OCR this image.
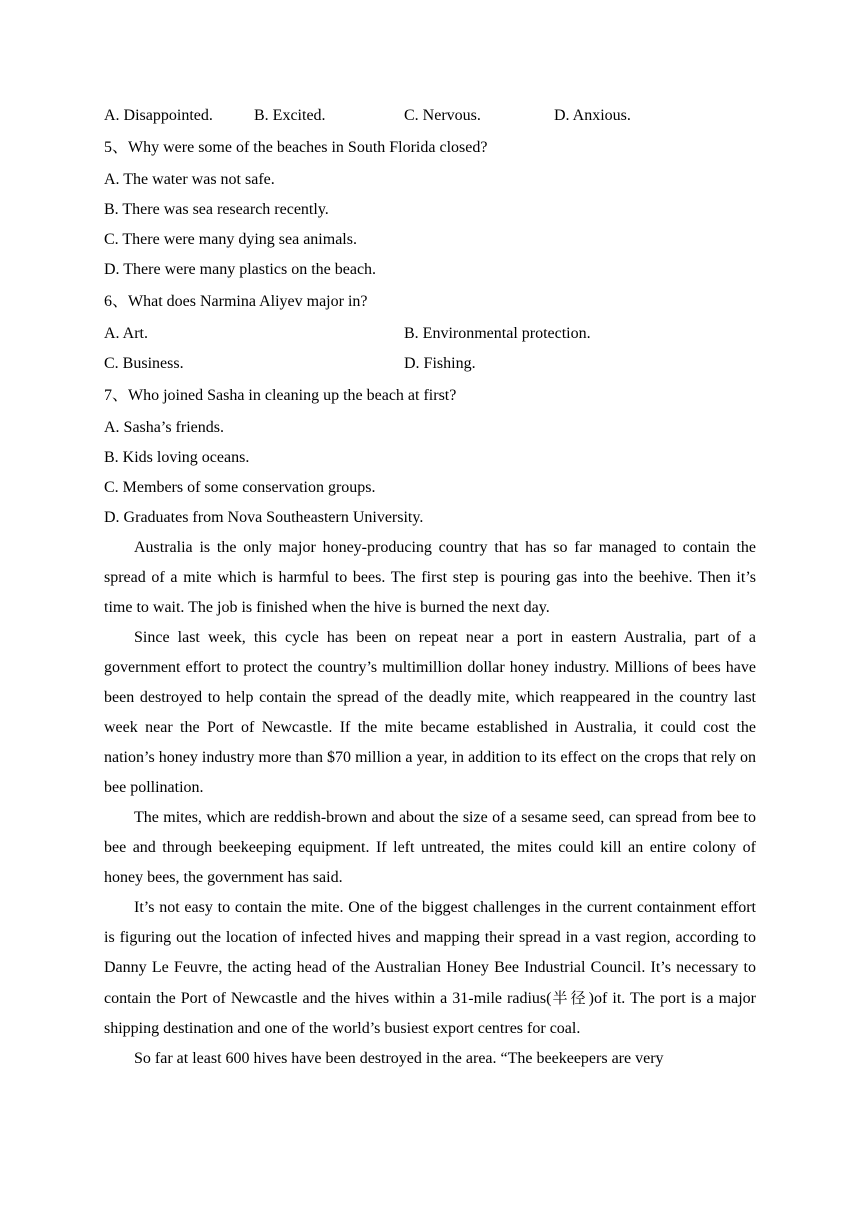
A. Disappointed.	B. Excited.	C. Nervous.	D. Anxious.

5、Why were some of the beaches in South Florida closed?

A. The water was not safe.

B. There was sea research recently.

C. There were many dying sea animals.

D. There were many plastics on the beach.

6、What does Narmina Aliyev major in?

A. Art.	B. Environmental protection.
C. Business.	D. Fishing.

7、Who joined Sasha in cleaning up the beach at first?

A. Sasha’s friends.

B. Kids loving oceans.

C. Members of some conservation groups.

D. Graduates from Nova Southeastern University.

Australia is the only major honey-producing country that has so far managed to contain the spread of a mite which is harmful to bees. The first step is pouring gas into the beehive. Then it’s time to wait. The job is finished when the hive is burned the next day.

Since last week, this cycle has been on repeat near a port in eastern Australia, part of a government effort to protect the country’s multimillion dollar honey industry. Millions of bees have been destroyed to help contain the spread of the deadly mite, which reappeared in the country last week near the Port of Newcastle. If the mite became established in Australia, it could cost the nation’s honey industry more than $70 million a year, in addition to its effect on the crops that rely on bee pollination.

The mites, which are reddish-brown and about the size of a sesame seed, can spread from bee to bee and through beekeeping equipment. If left untreated, the mites could kill an entire colony of honey bees, the government has said.

It’s not easy to contain the mite. One of the biggest challenges in the current containment effort is figuring out the location of infected hives and mapping their spread in a vast region, according to Danny Le Feuvre, the acting head of the Australian Honey Bee Industrial Council. It’s necessary to contain the Port of Newcastle and the hives within a 31-mile radius(半径)of it. The port is a major shipping destination and one of the world’s busiest export centres for coal.

So far at least 600 hives have been destroyed in the area. “The beekeepers are very
